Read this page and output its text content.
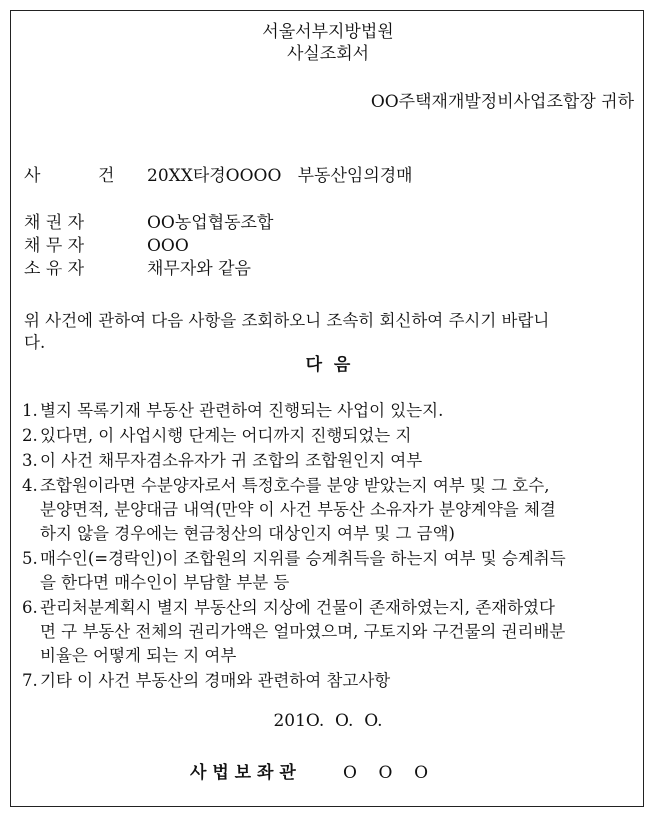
서울서부지방법원
사실조회서
OO주택재개발정비사업조합장 귀하
사	건 20XX타경OOOO   부동산임의경매
채 권 자	OO농업협동조합
채 무 자	OOO
소 유 자	채무자와 같음
위 사건에 관하여 다음 사항을 조회하오니 조속히 회신하여 주시기 바랍니
다.
다  음
1. 별지 목록기재 부동산 관련하여 진행되는 사업이 있는지.
2. 있다면, 이 사업시행 단계는 어디까지 진행되었는 지
3. 이 사건 채무자겸소유자가 귀 조합의 조합원인지 여부
4. 조합원이라면 수분양자로서 특정호수를 분양 받았는지 여부 및 그 호수,
분양면적, 분양대금 내역(만약 이 사건 부동산 소유자가 분양계약을 체결
하지 않을 경우에는 현금청산의 대상인지 여부 및 그 금액)
5. 매수인(=경락인)이 조합원의 지위를 승계취득을 하는지 여부 및 승계취득
을 한다면 매수인이 부담할 부분 등
6. 관리처분계획시 별지 부동산의 지상에 건물이 존재하였는지, 존재하였다
면 구 부동산 전체의 권리가액은 얼마였으며, 구토지와 구건물의 권리배분
비율은 어떻게 되는 지 여부
7. 기타 이 사건 부동산의 경매와 관련하여 참고사항
201O.  O.  O.
사 법 보 좌 관	O    O    O
